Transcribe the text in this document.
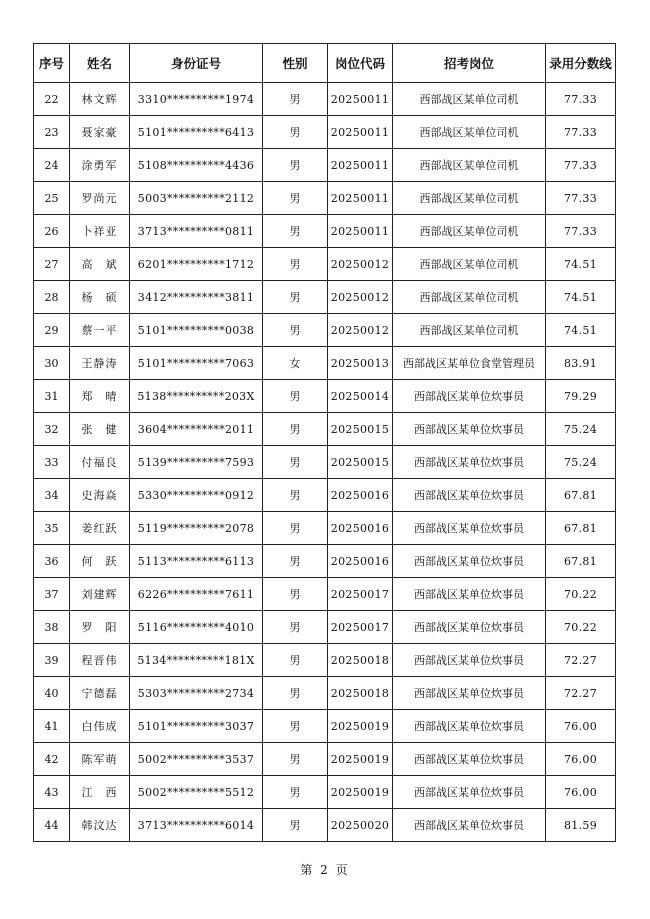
序号	姓名	身份证号	性别	岗位代码	招考岗位	录用分数线
22	林文辉	3310**********1974	男	20250011	西部战区某单位司机	77.33
23	聂家豪	5101**********6413	男	20250011	西部战区某单位司机	77.33
24	涂勇军	5108**********4436	男	20250011	西部战区某单位司机	77.33
25	罗尚元	5003**********2112	男	20250011	西部战区某单位司机	77.33
26	卜祥亚	3713**********0811	男	20250011	西部战区某单位司机	77.33
27	高　斌	6201**********1712	男	20250012	西部战区某单位司机	74.51
28	杨　硕	3412**********3811	男	20250012	西部战区某单位司机	74.51
29	蔡一平	5101**********0038	男	20250012	西部战区某单位司机	74.51
30	王静涛	5101**********7063	女	20250013	西部战区某单位食堂管理员	83.91
31	郑　晴	5138**********203X	男	20250014	西部战区某单位炊事员	79.29
32	张　健	3604**********2011	男	20250015	西部战区某单位炊事员	75.24
33	付福良	5139**********7593	男	20250015	西部战区某单位炊事员	75.24
34	史海焱	5330**********0912	男	20250016	西部战区某单位炊事员	67.81
35	姜红跃	5119**********2078	男	20250016	西部战区某单位炊事员	67.81
36	何　跃	5113**********6113	男	20250016	西部战区某单位炊事员	67.81
37	刘建辉	6226**********7611	男	20250017	西部战区某单位炊事员	70.22
38	罗　阳	5116**********4010	男	20250017	西部战区某单位炊事员	70.22
39	程晋伟	5134**********181X	男	20250018	西部战区某单位炊事员	72.27
40	宁德磊	5303**********2734	男	20250018	西部战区某单位炊事员	72.27
41	白伟成	5101**********3037	男	20250019	西部战区某单位炊事员	76.00
42	陈军萌	5002**********3537	男	20250019	西部战区某单位炊事员	76.00
43	江　西	5002**********5512	男	20250019	西部战区某单位炊事员	76.00
44	韩汶达	3713**********6014	男	20250020	西部战区某单位炊事员	81.59
第 2 页
